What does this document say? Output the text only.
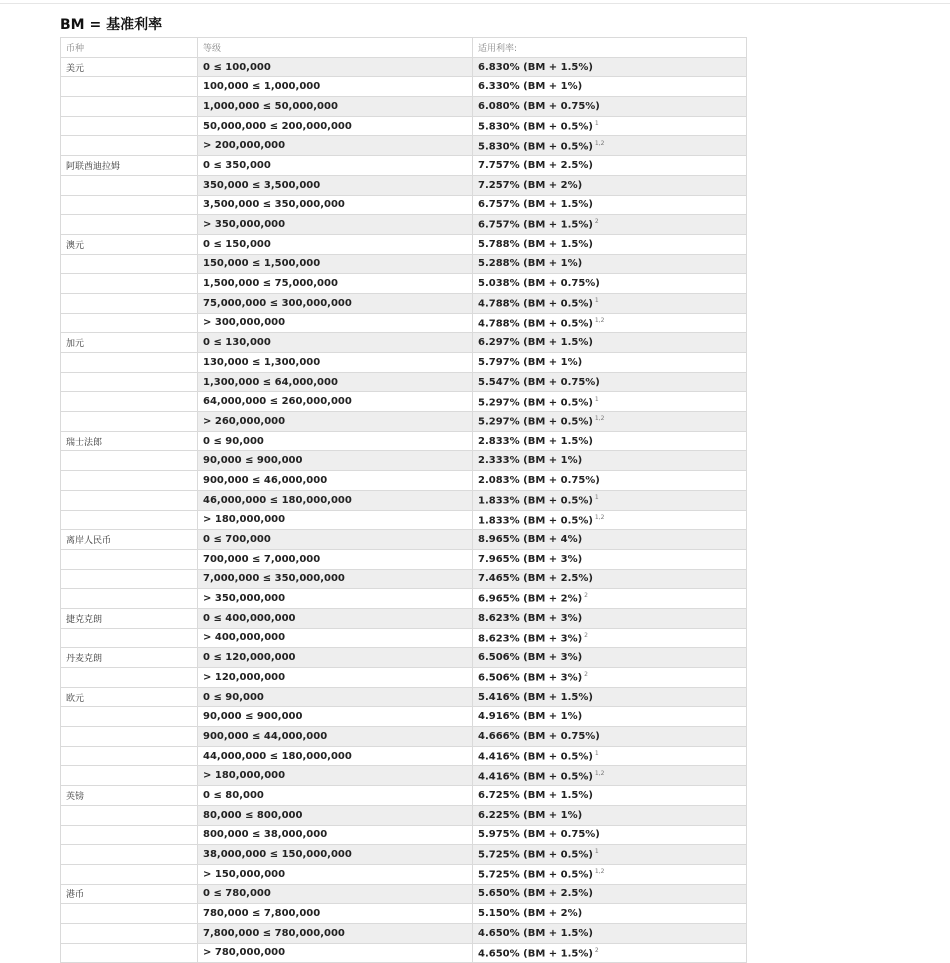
BM = 基准利率
币种	等级	适用利率:
美元	0 ≤ 100,000	6.830% (BM + 1.5%)
	100,000 ≤ 1,000,000	6.330% (BM + 1%)
	1,000,000 ≤ 50,000,000	6.080% (BM + 0.75%)
	50,000,000 ≤ 200,000,000	5.830% (BM + 0.5%) $^1$
	> 200,000,000	5.830% (BM + 0.5%) $^{1,2}$
阿联酋迪拉姆	0 ≤ 350,000	7.757% (BM + 2.5%)
	350,000 ≤ 3,500,000	7.257% (BM + 2%)
	3,500,000 ≤ 350,000,000	6.757% (BM + 1.5%)
	> 350,000,000	6.757% (BM + 1.5%) $^2$
澳元	0 ≤ 150,000	5.788% (BM + 1.5%)
	150,000 ≤ 1,500,000	5.288% (BM + 1%)
	1,500,000 ≤ 75,000,000	5.038% (BM + 0.75%)
	75,000,000 ≤ 300,000,000	4.788% (BM + 0.5%) $^1$
	> 300,000,000	4.788% (BM + 0.5%) $^{1,2}$
加元	0 ≤ 130,000	6.297% (BM + 1.5%)
	130,000 ≤ 1,300,000	5.797% (BM + 1%)
	1,300,000 ≤ 64,000,000	5.547% (BM + 0.75%)
	64,000,000 ≤ 260,000,000	5.297% (BM + 0.5%) $^1$
	> 260,000,000	5.297% (BM + 0.5%) $^{1,2}$
瑞士法郎	0 ≤ 90,000	2.833% (BM + 1.5%)
	90,000 ≤ 900,000	2.333% (BM + 1%)
	900,000 ≤ 46,000,000	2.083% (BM + 0.75%)
	46,000,000 ≤ 180,000,000	1.833% (BM + 0.5%) $^1$
	> 180,000,000	1.833% (BM + 0.5%) $^{1,2}$
离岸人民币	0 ≤ 700,000	8.965% (BM + 4%)
	700,000 ≤ 7,000,000	7.965% (BM + 3%)
	7,000,000 ≤ 350,000,000	7.465% (BM + 2.5%)
	> 350,000,000	6.965% (BM + 2%) $^2$
捷克克朗	0 ≤ 400,000,000	8.623% (BM + 3%)
	> 400,000,000	8.623% (BM + 3%) $^2$
丹麦克朗	0 ≤ 120,000,000	6.506% (BM + 3%)
	> 120,000,000	6.506% (BM + 3%) $^2$
欧元	0 ≤ 90,000	5.416% (BM + 1.5%)
	90,000 ≤ 900,000	4.916% (BM + 1%)
	900,000 ≤ 44,000,000	4.666% (BM + 0.75%)
	44,000,000 ≤ 180,000,000	4.416% (BM + 0.5%) $^1$
	> 180,000,000	4.416% (BM + 0.5%) $^{1,2}$
英镑	0 ≤ 80,000	6.725% (BM + 1.5%)
	80,000 ≤ 800,000	6.225% (BM + 1%)
	800,000 ≤ 38,000,000	5.975% (BM + 0.75%)
	38,000,000 ≤ 150,000,000	5.725% (BM + 0.5%) $^1$
	> 150,000,000	5.725% (BM + 0.5%) $^{1,2}$
港币	0 ≤ 780,000	5.650% (BM + 2.5%)
	780,000 ≤ 7,800,000	5.150% (BM + 2%)
	7,800,000 ≤ 780,000,000	4.650% (BM + 1.5%)
	> 780,000,000	4.650% (BM + 1.5%) $^2$
